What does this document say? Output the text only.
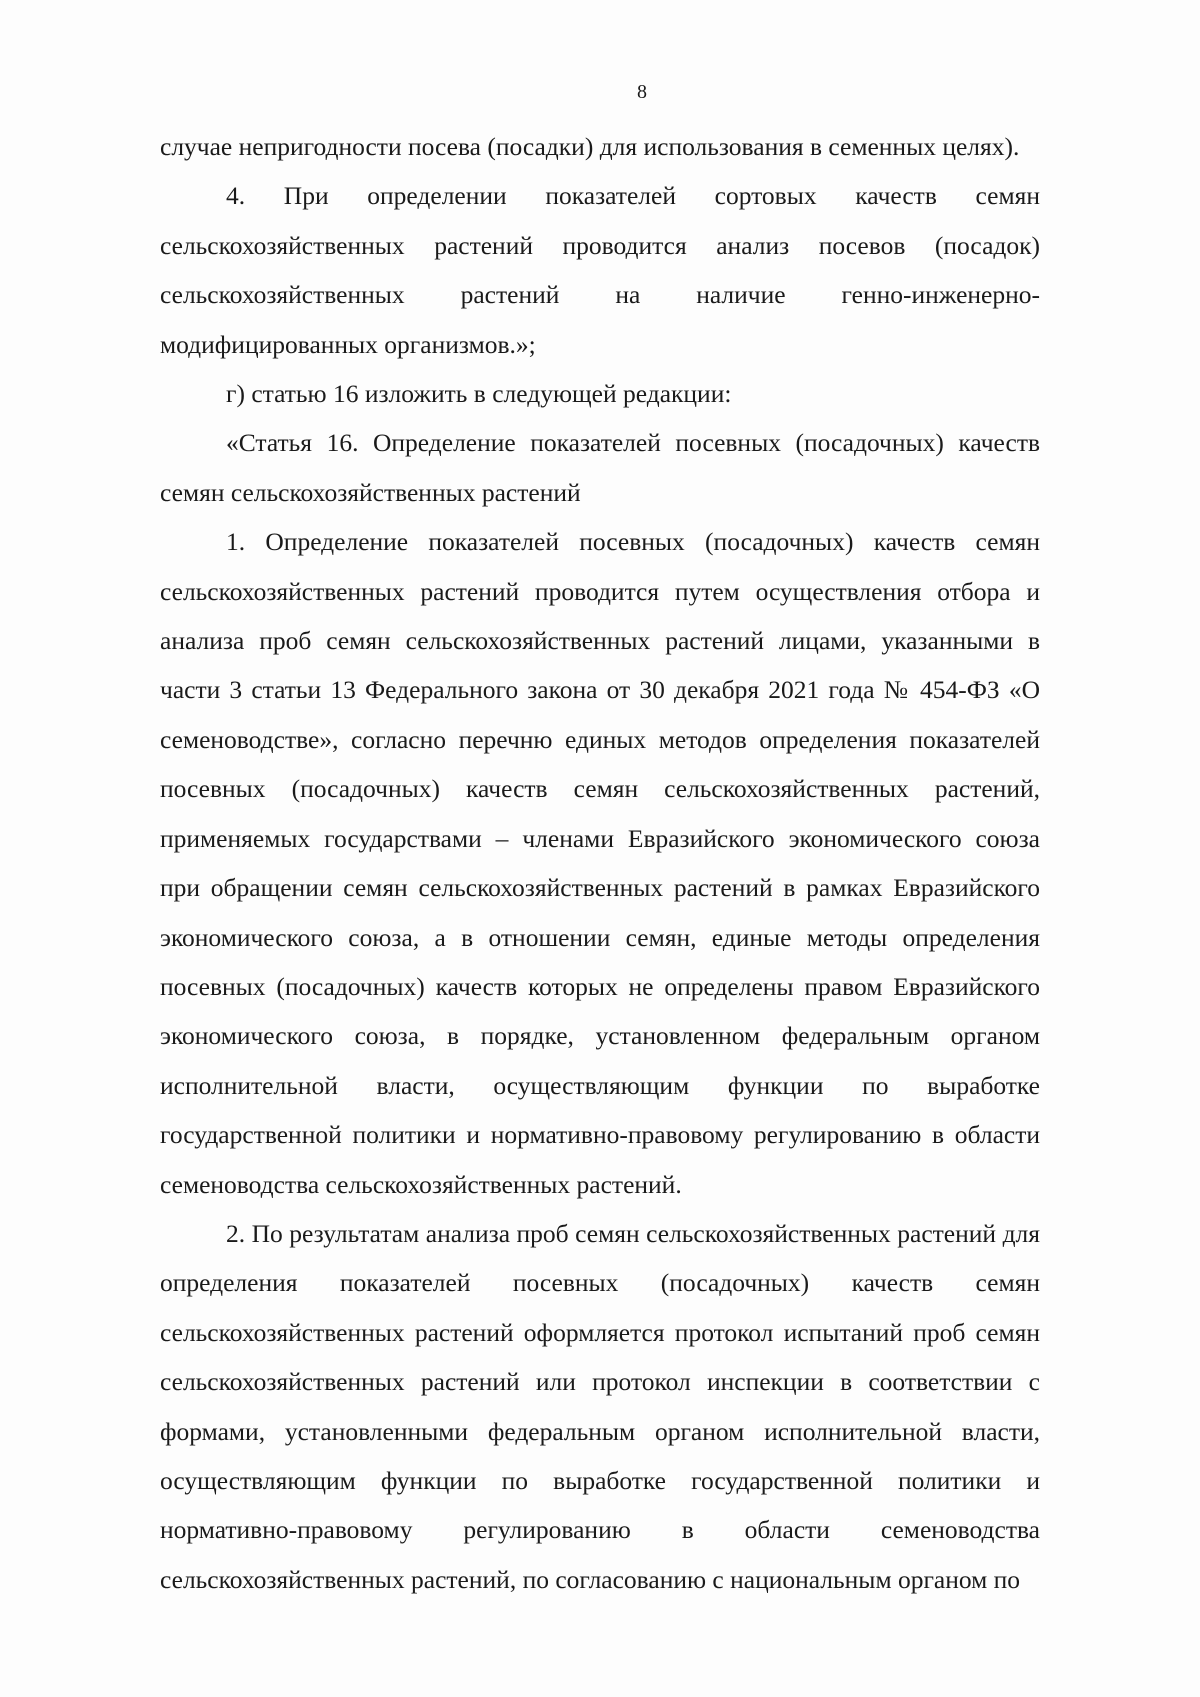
8

случае непригодности посева (посадки) для использования в семенных целях).

4. При определении показателей сортовых качеств семян сельскохозяйственных растений проводится анализ посевов (посадок) сельскохозяйственных растений на наличие генно-инженерно-модифицированных организмов.»;

г) статью 16 изложить в следующей редакции:

«Статья 16. Определение показателей посевных (посадочных) качеств семян сельскохозяйственных растений

1. Определение показателей посевных (посадочных) качеств семян сельскохозяйственных растений проводится путем осуществления отбора и анализа проб семян сельскохозяйственных растений лицами, указанными в части 3 статьи 13 Федерального закона от 30 декабря 2021 года № 454-ФЗ «О семеноводстве», согласно перечню единых методов определения показателей посевных (посадочных) качеств семян сельскохозяйственных растений, применяемых государствами – членами Евразийского экономического союза при обращении семян сельскохозяйственных растений в рамках Евразийского экономического союза, а в отношении семян, единые методы определения посевных (посадочных) качеств которых не определены правом Евразийского экономического союза, в порядке, установленном федеральным органом исполнительной власти, осуществляющим функции по выработке государственной политики и нормативно-правовому регулированию в области семеноводства сельскохозяйственных растений.

2. По результатам анализа проб семян сельскохозяйственных растений для определения показателей посевных (посадочных) качеств семян сельскохозяйственных растений оформляется протокол испытаний проб семян сельскохозяйственных растений или протокол инспекции в соответствии с формами, установленными федеральным органом исполнительной власти, осуществляющим функции по выработке государственной политики и нормативно-правовому регулированию в области семеноводства сельскохозяйственных растений, по согласованию с национальным органом по
